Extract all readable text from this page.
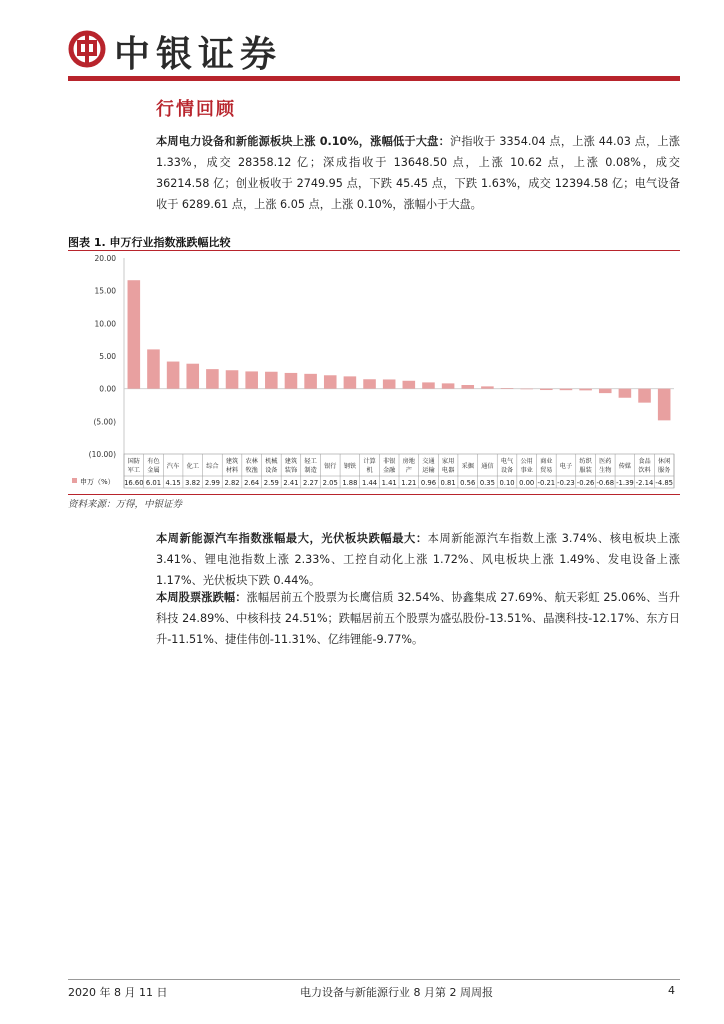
中银证券
行情回顾
本周电力设备和新能源板块上涨 0.10%，涨幅低于大盘：沪指收于 3354.04 点，上涨 44.03 点，上涨 1.33%，成交 28358.12 亿；深成指收于 13648.50 点，上涨 10.62 点，上涨 0.08%，成交 36214.58 亿；创业板收于 2749.95 点，下跌 45.45 点，下跌 1.63%，成交 12394.58 亿；电气设备收于 6289.61 点，上涨 6.05 点，上涨 0.10%，涨幅小于大盘。
图表 1. 申万行业指数涨跌幅比较
20.00
15.00
10.00
5.00
0.00
(5.00)
(10.00)
申万（%）
国防
军工
16.60
有色
金属
6.01
汽车
4.15
化工
3.82
综合
2.99
建筑
材料
2.82
农林
牧渔
2.64
机械
设备
2.59
建筑
装饰
2.41
轻工
制造
2.27
银行
2.05
钢铁
1.88
计算
机
1.44
非银
金融
1.41
房地
产
1.21
交通
运输
0.96
家用
电器
0.81
采掘
0.56
通信
0.35
电气
设备
0.10
公用
事业
0.00
商业
贸易
-0.21
电子
-0.23
纺织
服装
-0.26
医药
生物
-0.68
传媒
-1.39
食品
饮料
-2.14
休闲
服务
-4.85
资料来源：万得，中银证券
本周新能源汽车指数涨幅最大，光伏板块跌幅最大：本周新能源汽车指数上涨 3.74%、核电板块上涨 3.41%、锂电池指数上涨 2.33%、工控自动化上涨 1.72%、风电板块上涨 1.49%、发电设备上涨 1.17%、光伏板块下跌 0.44%。
本周股票涨跌幅：涨幅居前五个股票为长鹰信质 32.54%、协鑫集成 27.69%、航天彩虹 25.06%、当升科技 24.89%、中核科技 24.51%；跌幅居前五个股票为盛弘股份-13.51%、晶澳科技-12.17%、东方日升-11.51%、捷佳伟创-11.31%、亿纬锂能-9.77%。
2020 年 8 月 11 日	电力设备与新能源行业 8 月第 2 周周报	4
